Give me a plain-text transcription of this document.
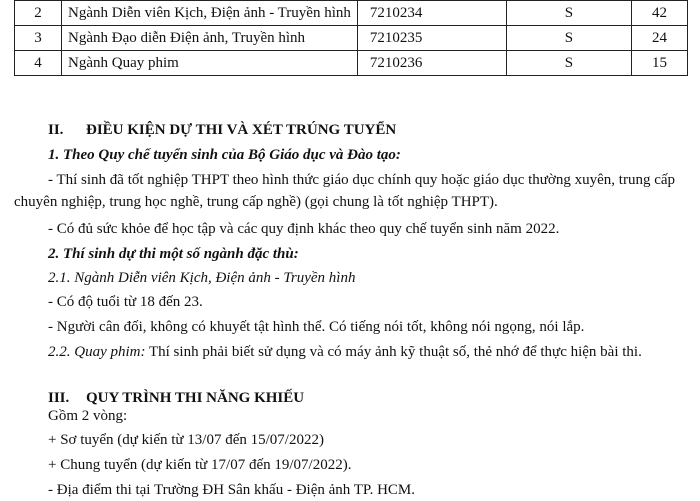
2	Ngành Diễn viên Kịch, Điện ảnh - Truyền hình	7210234	S	42
3	Ngành Đạo diễn Điện ảnh, Truyền hình	7210235	S	24
4	Ngành Quay phim	7210236	S	15
II. ĐIỀU KIỆN DỰ THI VÀ XÉT TRÚNG TUYỂN
1. Theo Quy chế tuyển sinh của Bộ Giáo dục và Đào tạo:
- Thí sinh đã tốt nghiệp THPT theo hình thức giáo dục chính quy hoặc giáo dục thường xuyên, trung cấp
chuyên nghiệp, trung học nghề, trung cấp nghề) (gọi chung là tốt nghiệp THPT).
- Có đủ sức khỏe để học tập và các quy định khác theo quy chế tuyển sinh năm 2022.
2. Thí sinh dự thi một số ngành đặc thù:
2.1. Ngành Diễn viên Kịch, Điện ảnh - Truyền hình
- Có độ tuổi từ 18 đến 23.
- Người cân đối, không có khuyết tật hình thể. Có tiếng nói tốt, không nói ngọng, nói lắp.
2.2. Quay phim: Thí sinh phải biết sử dụng và có máy ảnh kỹ thuật số, thẻ nhớ để thực hiện bài thi.
III. QUY TRÌNH THI NĂNG KHIẾU
Gồm 2 vòng:
+ Sơ tuyển (dự kiến từ 13/07 đến 15/07/2022)
+ Chung tuyển (dự kiến từ 17/07 đến 19/07/2022).
- Địa điểm thi tại Trường ĐH Sân khấu - Điện ảnh TP. HCM.
